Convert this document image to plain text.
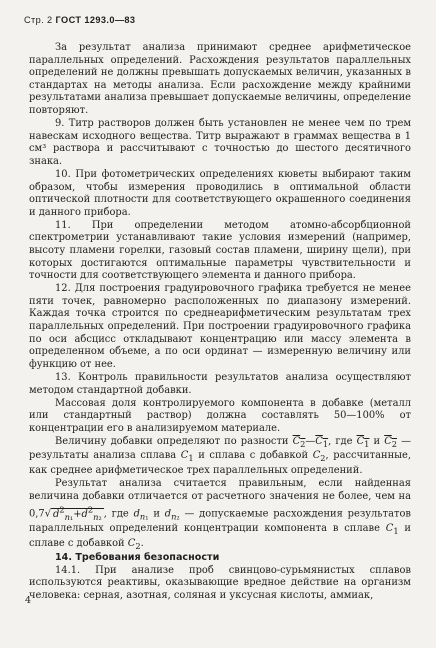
Стр. 2 ГОСТ 1293.0—83

За результат анализа принимают среднее арифметическое параллельных определений. Расхождения результатов параллельных определений не должны превышать допускаемых величин, указанных в стандартах на методы анализа. Если расхождение между крайними результатами анализа превышает допускаемые величины, определение повторяют.

9. Титр растворов должен быть установлен не менее чем по трем навескам исходного вещества. Титр выражают в граммах вещества в 1 см³ раствора и рассчитывают с точностью до шестого десятичного знака.

10. При фотометрических определениях кюветы выбирают таким образом, чтобы измерения проводились в оптимальной области оптической плотности для соответствующего окрашенного соединения и данного прибора.

11. При определении методом атомно-абсорбционной спектрометрии устанавливают такие условия измерений (например, высоту пламени горелки, газовый состав пламени, ширину щели), при которых достигаются оптимальные параметры чувствительности и точности для соответствующего элемента и данного прибора.

12. Для построения градуировочного графика требуется не менее пяти точек, равномерно расположенных по диапазону измерений. Каждая точка строится по среднеарифметическим результатам трех параллельных определений. При построении градуировочного графика по оси абсцисс откладывают концентрацию или массу элемента в определенном объеме, а по оси ординат — измеренную величину или функцию от нее.

13. Контроль правильности результатов анализа осуществляют методом стандартной добавки.

Массовая доля контролируемого компонента в добавке (металл или стандартный раствор) должна составлять 50—100% от концентрации его в анализируемом материале.

Величину добавки определяют по разности $C_2—C_1$, где $C_1$ и $C_2$ — результаты анализа сплава $C_1$ и сплава с добавкой $C_2$, рассчитанные, как среднее арифметическое трех параллельных определений.

Результат анализа считается правильным, если найденная величина добавки отличается от расчетного значения не более, чем на 0,7√ $d^2_{n_1}+d^2_{n_2}$ , где $d_{n_1}$ и $d_{n_2}$ — допускаемые расхождения результатов параллельных определений концентрации компонента в сплаве $C_1$ и сплаве с добавкой $C_2$.

14. Требования безопасности

14.1. При анализе проб свинцово-сурьмянистых сплавов используются реактивы, оказывающие вредное действие на организм человека: серная, азотная, соляная и уксусная кислоты, аммиак,

4
